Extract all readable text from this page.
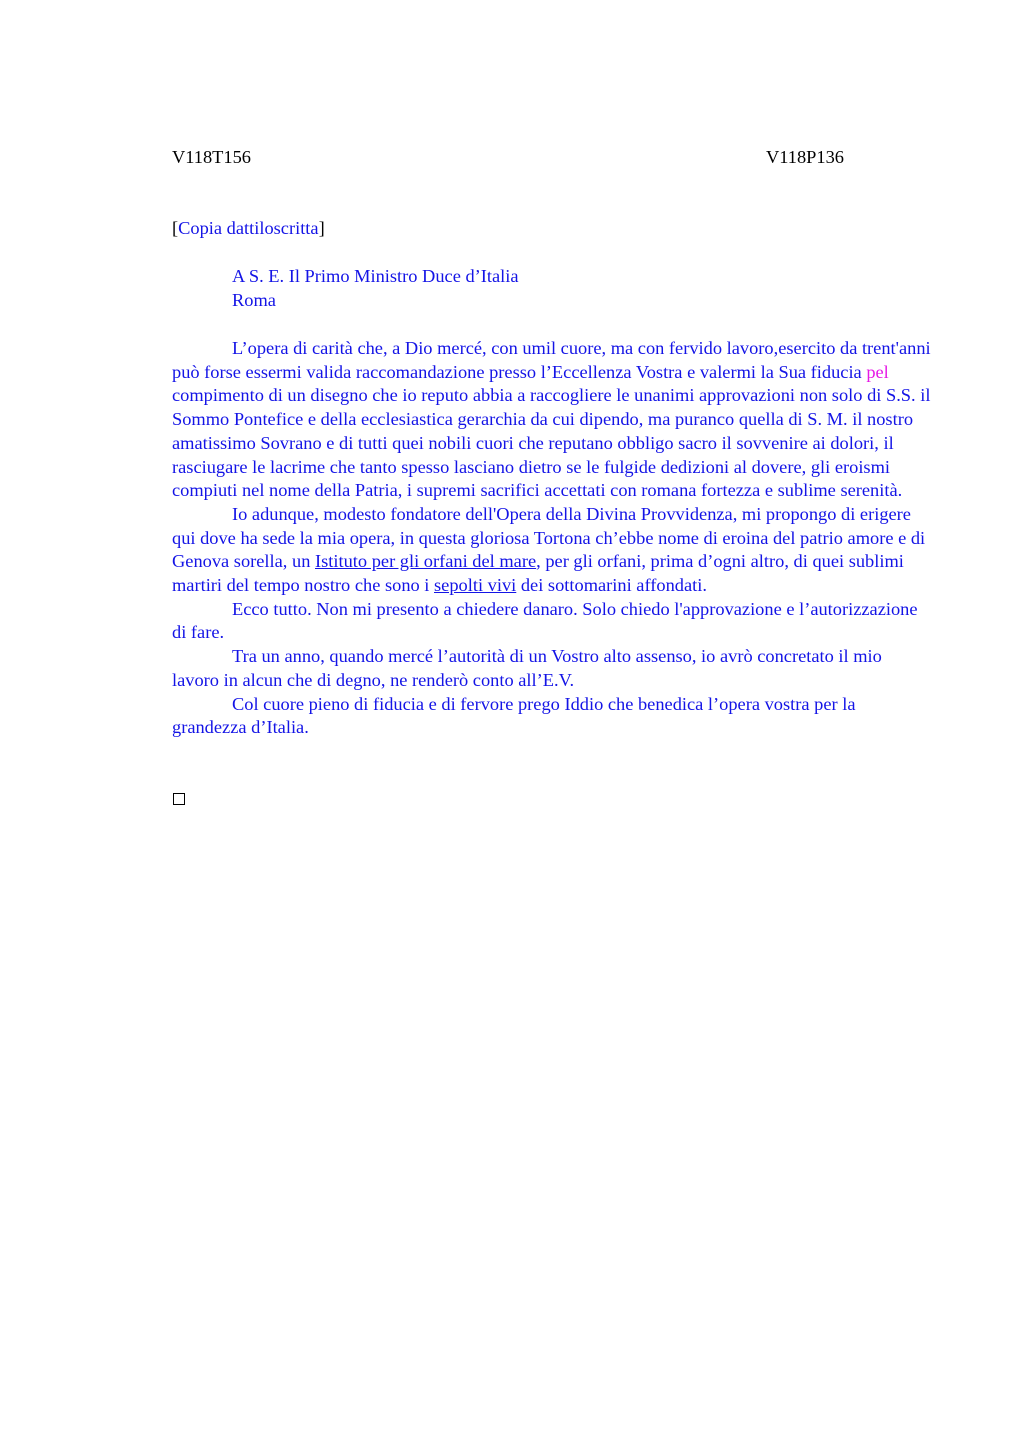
V118T156	V118P136
[Copia dattiloscritta]
A S. E. Il Primo Ministro Duce d’Italia
Roma

L’opera di carità che, a Dio mercé, con umil cuore, ma con fervido lavoro,esercito da trent'anni può forse essermi valida raccomandazione presso l’Eccellenza Vostra e valermi la Sua fiducia pel compimento di un disegno che io reputo abbia a raccogliere le unanimi approvazioni non solo di S.S. il Sommo Pontefice e della ecclesiastica gerarchia da cui dipendo, ma puranco quella di S. M. il nostro amatissimo Sovrano e di tutti quei nobili cuori che reputano obbligo sacro il sovvenire ai dolori, il rasciugare le lacrime che tanto spesso lasciano dietro se le fulgide dedizioni al dovere, gli eroismi compiuti nel nome della Patria, i supremi sacrifici accettati con romana fortezza e sublime serenità.

Io adunque, modesto fondatore dell'Opera della Divina Provvidenza, mi propongo di erigere qui dove ha sede la mia opera, in questa gloriosa Tortona ch’ebbe nome di eroina del patrio amore e di Genova sorella, un Istituto per gli orfani del mare, per gli orfani, prima d’ogni altro, di quei sublimi martiri del tempo nostro che sono i sepolti vivi dei sottomarini affondati.

Ecco tutto. Non mi presento a chiedere danaro. Solo chiedo l'approvazione e l’autorizzazione di fare.

Tra un anno, quando mercé l’autorità di un Vostro alto assenso, io avrò concretato il mio lavoro in alcun che di degno, ne renderò conto all’E.V.

Col cuore pieno di fiducia e di fervore prego Iddio che benedica l’opera vostra per la grandezza d’Italia.
